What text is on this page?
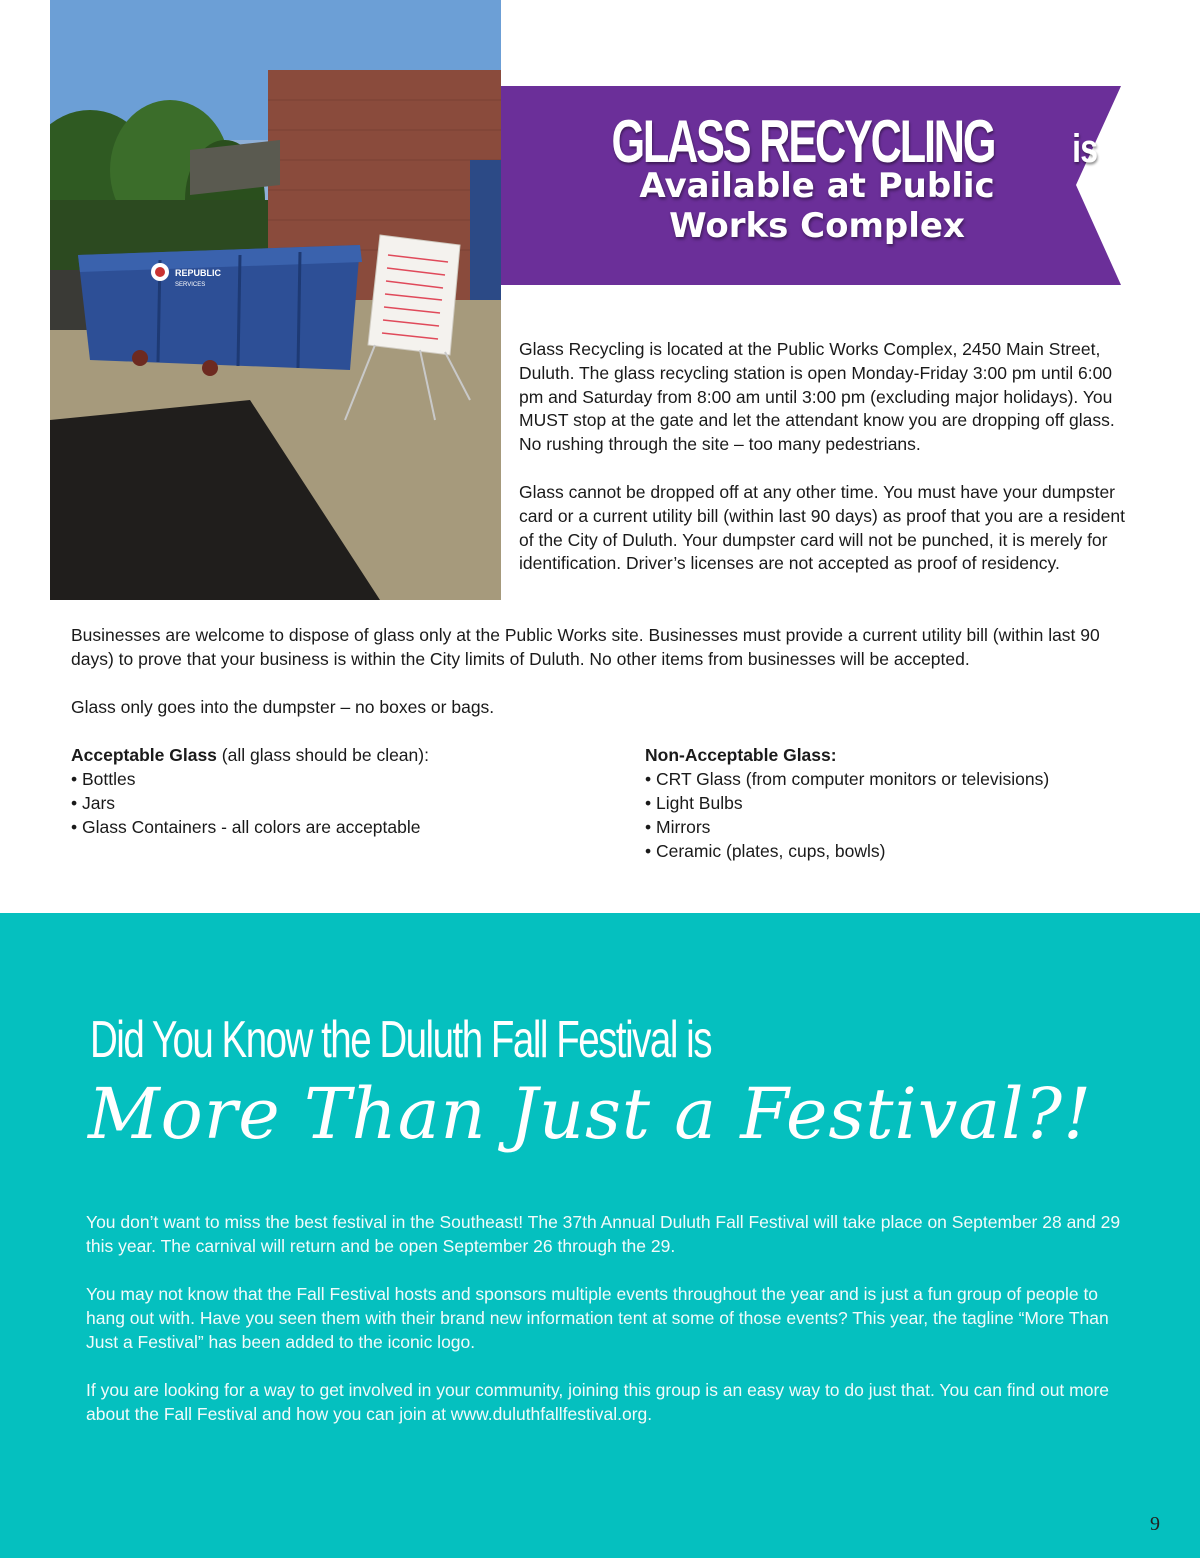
REPUBLIC
SERVICES
GLASS RECYCLING is
Available at Public
Works Complex

Glass Recycling is located at the Public Works Complex, 2450 Main Street, Duluth. The glass recycling station is open Monday-Friday 3:00 pm until 6:00 pm and Saturday from 8:00 am until 3:00 pm (excluding major holidays). You MUST stop at the gate and let the attendant know you are dropping off glass. No rushing through the site – too many pedestrians.

Glass cannot be dropped off at any other time. You must have your dumpster card or a current utility bill (within last 90 days) as proof that you are a resident of the City of Duluth. Your dumpster card will not be punched, it is merely for identification. Driver’s licenses are not accepted as proof of residency.

Businesses are welcome to dispose of glass only at the Public Works site. Businesses must provide a current utility bill (within last 90 days) to prove that your business is within the City limits of Duluth. No other items from businesses will be accepted.

Glass only goes into the dumpster – no boxes or bags.

Acceptable Glass (all glass should be clean):
• Bottles
• Jars
• Glass Containers - all colors are acceptable
Non-Acceptable Glass:
• CRT Glass (from computer monitors or televisions)
• Light Bulbs
• Mirrors
• Ceramic (plates, cups, bowls)
Did You Know the Duluth Fall Festival is
More Than Just a Festival?!

You don’t want to miss the best festival in the Southeast! The 37th Annual Duluth Fall Festival will take place on September 28 and 29 this year. The carnival will return and be open September 26 through the 29.

You may not know that the Fall Festival hosts and sponsors multiple events throughout the year and is just a fun group of people to hang out with. Have you seen them with their brand new information tent at some of those events? This year, the tagline “More Than Just a Festival” has been added to the iconic logo.

If you are looking for a way to get involved in your community, joining this group is an easy way to do just that. You can find out more about the Fall Festival and how you can join at www.duluthfallfestival.org.

9
